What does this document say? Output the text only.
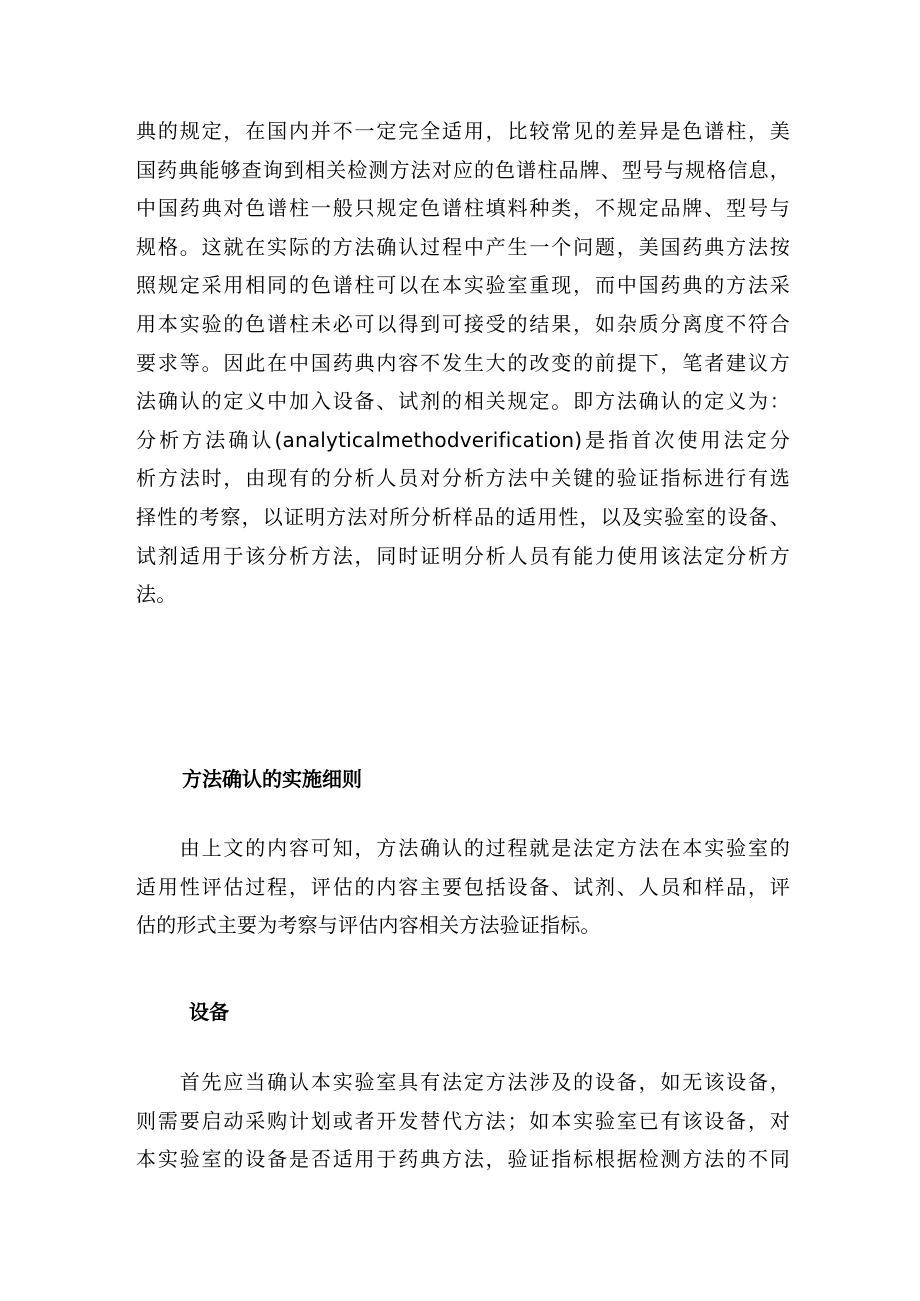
典的规定，在国内并不一定完全适用，比较常见的差异是色谱柱，美
国药典能够查询到相关检测方法对应的色谱柱品牌、型号与规格信息，
中国药典对色谱柱一般只规定色谱柱填料种类，不规定品牌、型号与
规格。这就在实际的方法确认过程中产生一个问题，美国药典方法按
照规定采用相同的色谱柱可以在本实验室重现，而中国药典的方法采
用本实验的色谱柱未必可以得到可接受的结果，如杂质分离度不符合
要求等。因此在中国药典内容不发生大的改变的前提下，笔者建议方
法确认的定义中加入设备、试剂的相关规定。即方法确认的定义为：
分析方法确认(analyticalmethodverification)是指首次使用法定分
析方法时，由现有的分析人员对分析方法中关键的验证指标进行有选
择性的考察，以证明方法对所分析样品的适用性，以及实验室的设备、
试剂适用于该分析方法，同时证明分析人员有能力使用该法定分析方
法。
方法确认的实施细则
　　由上文的内容可知，方法确认的过程就是法定方法在本实验室的
适用性评估过程，评估的内容主要包括设备、试剂、人员和样品，评
估的形式主要为考察与评估内容相关方法验证指标。
设备
　　首先应当确认本实验室具有法定方法涉及的设备，如无该设备，
则需要启动采购计划或者开发替代方法；如本实验室已有该设备，对
本实验室的设备是否适用于药典方法，验证指标根据检测方法的不同
